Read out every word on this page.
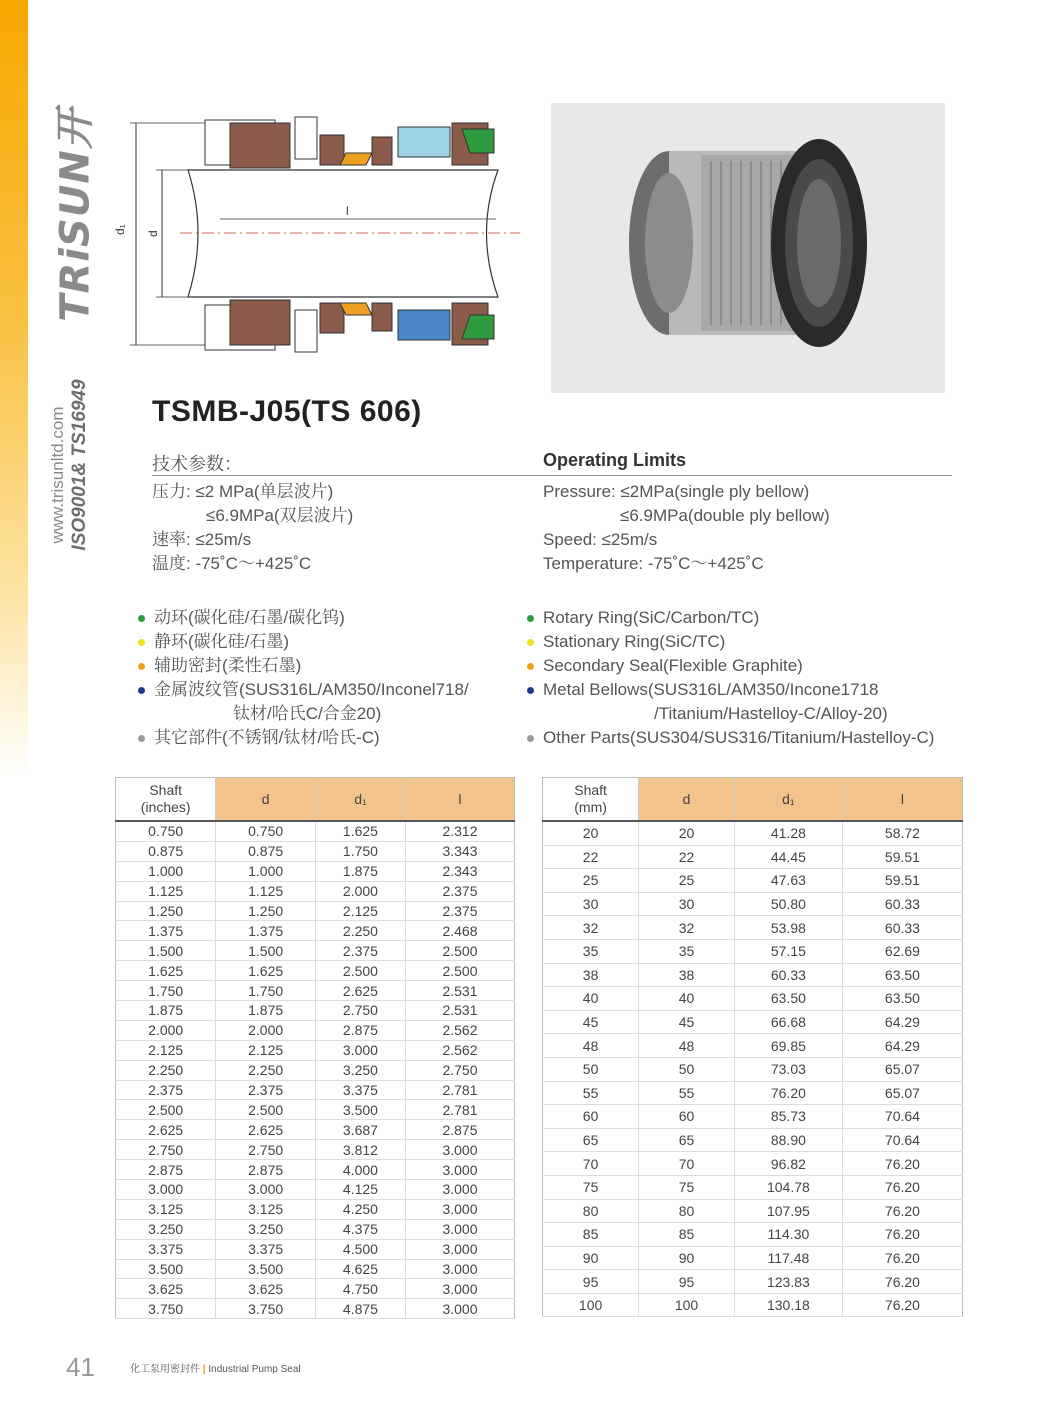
TRiSUN开
ISO9001& TS16949
www.trisunltd.com
d₁ d
l
TSMB-J05(TS 606)
技术参数：	Operating Limits
压力: ≤2 MPa(单层波片)
≤6.9MPa(双层波片)
速率: ≤25m/s
温度: -75˚C～+425˚C
Pressure: ≤2MPa(single ply bellow)
≤6.9MPa(double ply bellow)
Speed: ≤25m/s
Temperature: -75˚C～+425˚C
动环(碳化硅/石墨/碳化钨)
静环(碳化硅/石墨)
辅助密封(柔性石墨)
金属波纹管(SUS316L/AM350/Inconel718/
钛材/哈氏C/合金20)
其它部件(不锈钢/钛材/哈氏-C)
Rotary Ring(SiC/Carbon/TC)
Stationary Ring(SiC/TC)
Secondary Seal(Flexible Graphite)
Metal Bellows(SUS316L/AM350/Incone1718
/Titanium/Hastelloy-C/Alloy-20)
Other Parts(SUS304/SUS316/Titanium/Hastelloy-C)
Shaft
(inches)	d	d₁	l
0.750	0.750	1.625	2.312
0.875	0.875	1.750	3.343
1.000	1.000	1.875	2.343
1.125	1.125	2.000	2.375
1.250	1.250	2.125	2.375
1.375	1.375	2.250	2.468
1.500	1.500	2.375	2.500
1.625	1.625	2.500	2.500
1.750	1.750	2.625	2.531
1.875	1.875	2.750	2.531
2.000	2.000	2.875	2.562
2.125	2.125	3.000	2.562
2.250	2.250	3.250	2.750
2.375	2.375	3.375	2.781
2.500	2.500	3.500	2.781
2.625	2.625	3.687	2.875
2.750	2.750	3.812	3.000
2.875	2.875	4.000	3.000
3.000	3.000	4.125	3.000
3.125	3.125	4.250	3.000
3.250	3.250	4.375	3.000
3.375	3.375	4.500	3.000
3.500	3.500	4.625	3.000
3.625	3.625	4.750	3.000
3.750	3.750	4.875	3.000
Shaft
(mm)	d	d₁	l
20	20	41.28	58.72
22	22	44.45	59.51
25	25	47.63	59.51
30	30	50.80	60.33
32	32	53.98	60.33
35	35	57.15	62.69
38	38	60.33	63.50
40	40	63.50	63.50
45	45	66.68	64.29
48	48	69.85	64.29
50	50	73.03	65.07
55	55	76.20	65.07
60	60	85.73	70.64
65	65	88.90	70.64
70	70	96.82	76.20
75	75	104.78	76.20
80	80	107.95	76.20
85	85	114.30	76.20
90	90	117.48	76.20
95	95	123.83	76.20
100	100	130.18	76.20
41	化工泵用密封件 | Industrial Pump Seal
